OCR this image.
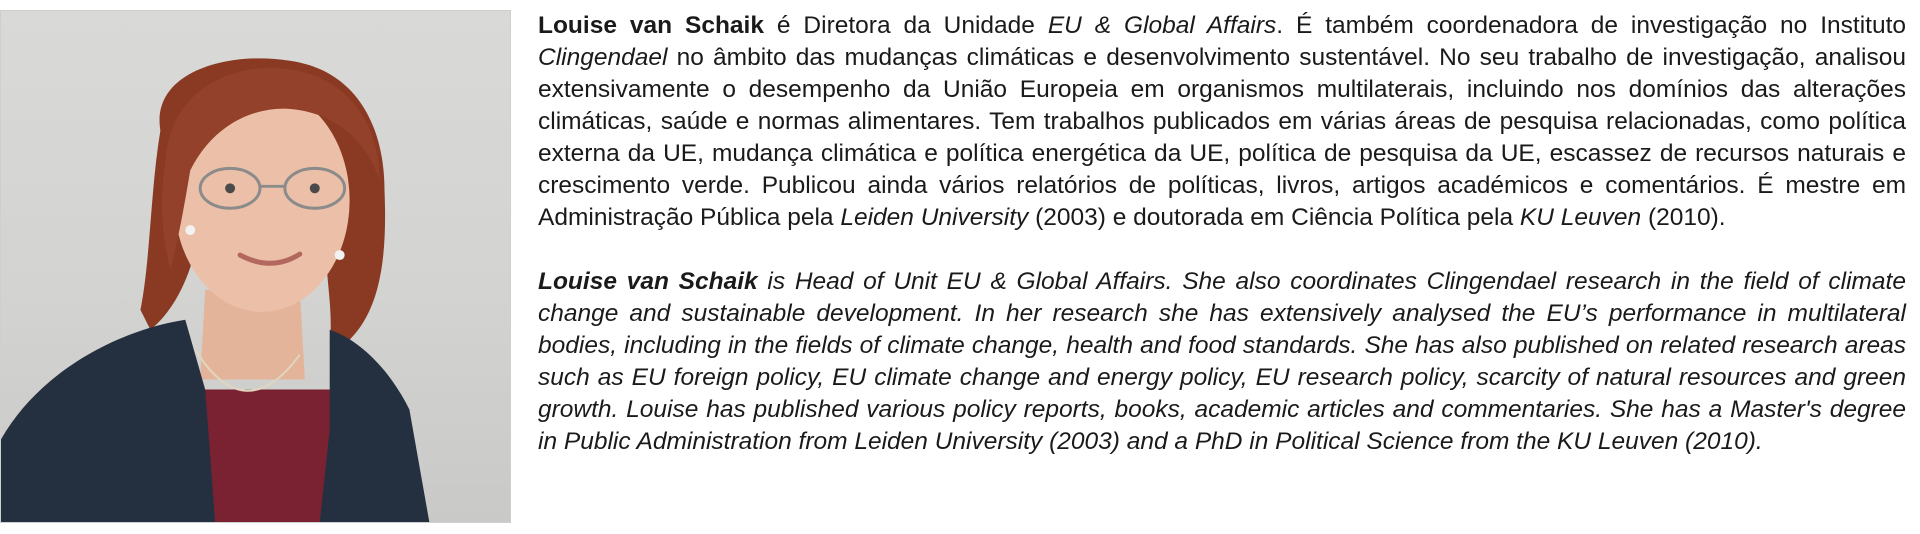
Louise van Schaik é Diretora da Unidade EU & Global Affairs. É também coordenadora de investigação no Instituto Clingendael no âmbito das mudanças climáticas e desenvolvimento sustentável. No seu trabalho de investigação, analisou extensivamente o desempenho da União Europeia em organismos multilaterais, incluindo nos domínios das alterações climáticas, saúde e normas alimentares. Tem trabalhos publicados em várias áreas de pesquisa relacionadas, como política externa da UE, mudança climática e política energética da UE, política de pesquisa da UE, escassez de recursos naturais e crescimento verde. Publicou ainda vários relatórios de políticas, livros, artigos académicos e comentários. É mestre em Administração Pública pela Leiden University (2003) e doutorada em Ciência Política pela KU Leuven (2010).

Louise van Schaik is Head of Unit EU & Global Affairs. She also coordinates Clingendael research in the field of climate change and sustainable development. In her research she has extensively analysed the EU’s performance in multilateral bodies, including in the fields of climate change, health and food standards. She has also published on related research areas such as EU foreign policy, EU climate change and energy policy, EU research policy, scarcity of natural resources and green growth. Louise has published various policy reports, books, academic articles and commentaries. She has a Master's degree in Public Administration from Leiden University (2003) and a PhD in Political Science from the KU Leuven (2010).
